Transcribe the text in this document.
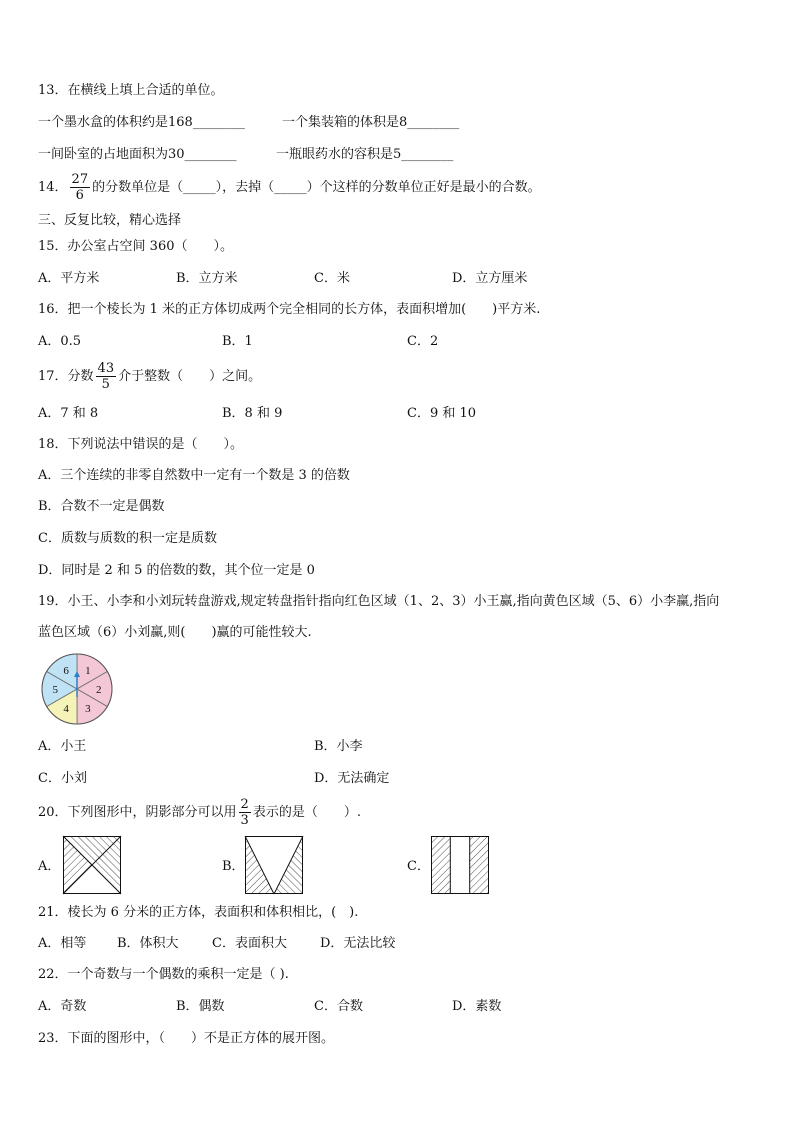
13．在横线上填上合适的单位。
一个墨水盒的体积约是168________	一个集装箱的体积是8________
一间卧室的占地面积为30________	一瓶眼药水的容积是5________
14． $\frac{27}{6}$ 的分数单位是（_____），去掉（_____）个这样的分数单位正好是最小的合数。
三、反复比较，精心选择
15．办公室占空间 360（　　）。
A．平方米	B．立方米	C．米	D．立方厘米
16．把一个棱长为 1 米的正方体切成两个完全相同的长方体，表面积增加(　　)平方米.
A．0.5	B．1	C．2
17．分数 $\frac{43}{5}$ 介于整数（　　）之间。
A．7 和 8	B．8 和 9	C．9 和 10
18．下列说法中错误的是（　　）。
A．三个连续的非零自然数中一定有一个数是 3 的倍数
B．合数不一定是偶数
C．质数与质数的积一定是质数
D．同时是 2 和 5 的倍数的数，其个位一定是 0
19．小王、小李和小刘玩转盘游戏,规定转盘指针指向红色区域（1、2、3）小王赢,指向黄色区域（5、6）小李赢,指向
蓝色区域（6）小刘赢,则(　　)赢的可能性较大.
1
2
3
4
5
6
A．小王	B．小李
C．小刘	D．无法确定
20．下列图形中，阴影部分可以用 $\frac{2}{3}$ 表示的是（　　）.
A．	B．	C．
21．棱长为 6 分米的正方体，表面积和体积相比，(　).
A．相等 B．体积大	C．表面积大	D．无法比较
22．一个奇数与一个偶数的乘积一定是（ ).
A．奇数	B．偶数	C．合数	D．素数
23．下面的图形中，（　　）不是正方体的展开图。
